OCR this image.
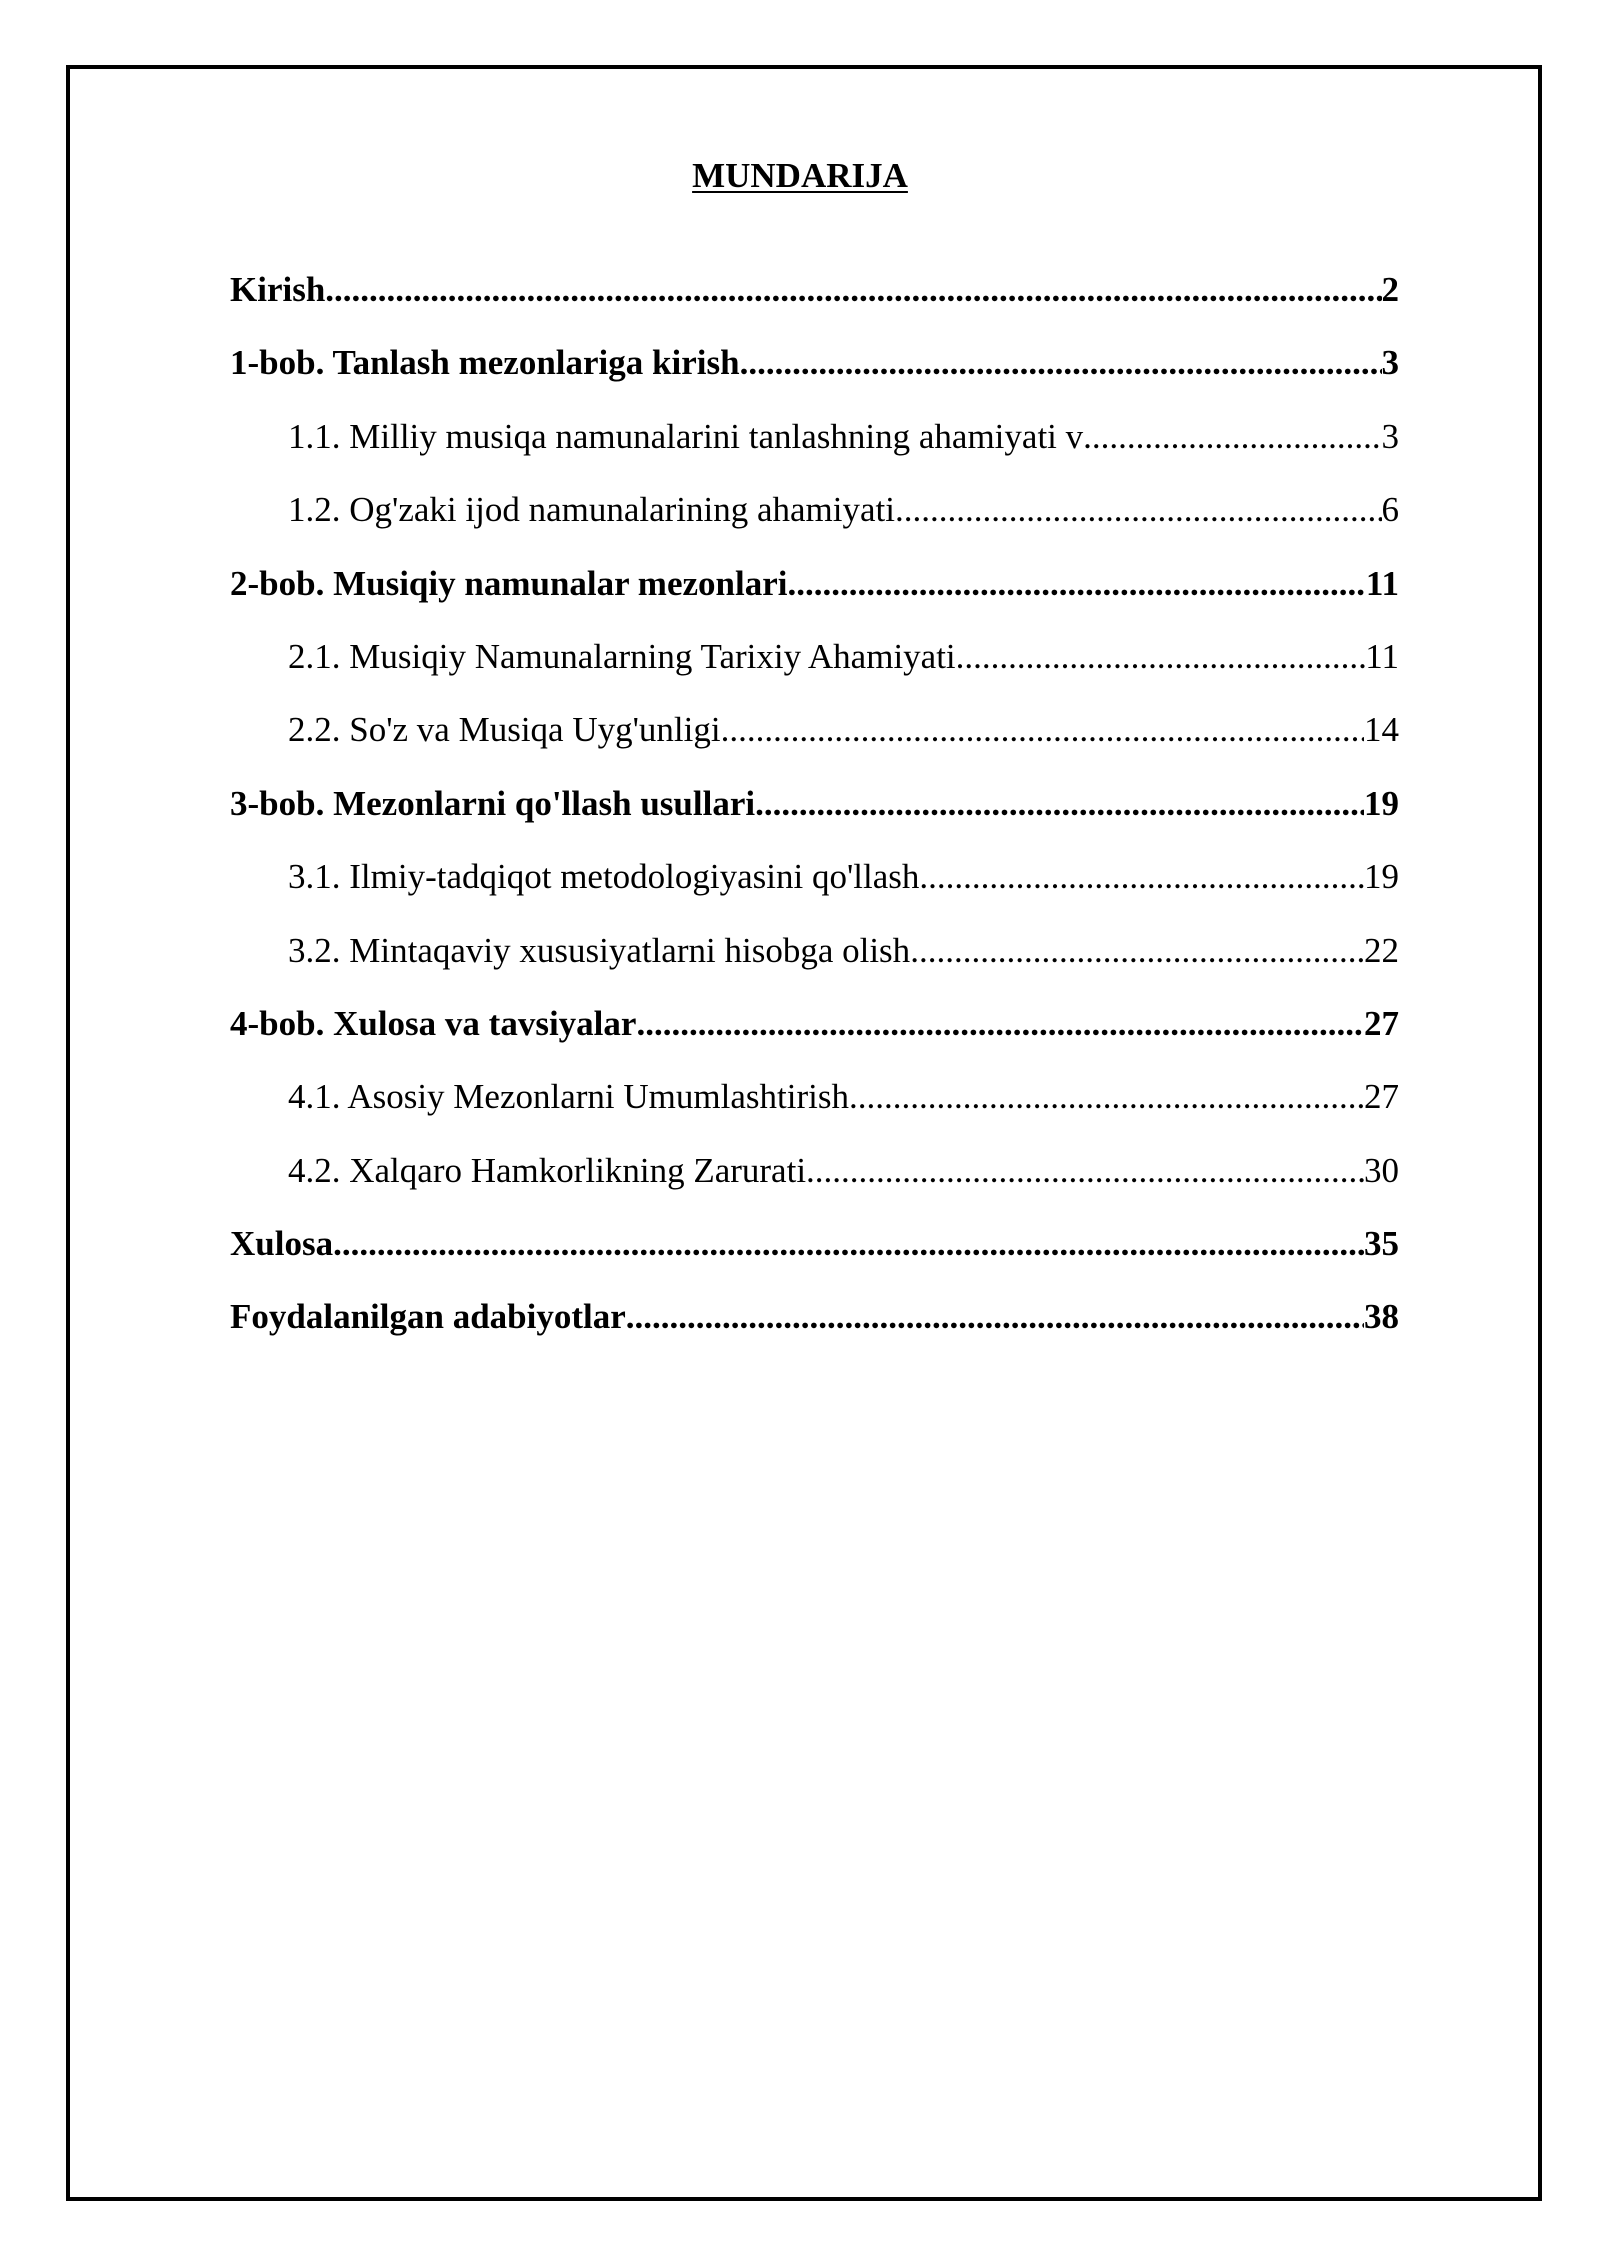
MUNDARIJA
Kirish .....	2
1-bob. Tanlash mezonlariga kirish .....	3
1.1. Milliy musiqa namunalarini tanlashning ahamiyati v .....	3
1.2. Og'zaki ijod namunalarining ahamiyati .....	6
2-bob. Musiqiy namunalar mezonlari .....	11
2.1. Musiqiy Namunalarning Tarixiy Ahamiyati .....	11
2.2. So'z va Musiqa Uyg'unligi .....	14
3-bob. Mezonlarni qo'llash usullari .....	19
3.1. Ilmiy-tadqiqot metodologiyasini qo'llash .....	19
3.2. Mintaqaviy xususiyatlarni hisobga olish .....	22
4-bob. Xulosa va tavsiyalar .....	27
4.1. Asosiy Mezonlarni Umumlashtirish .....	27
4.2. Xalqaro Hamkorlikning Zarurati .....	30
Xulosa .....	35
Foydalanilgan adabiyotlar .....	38
